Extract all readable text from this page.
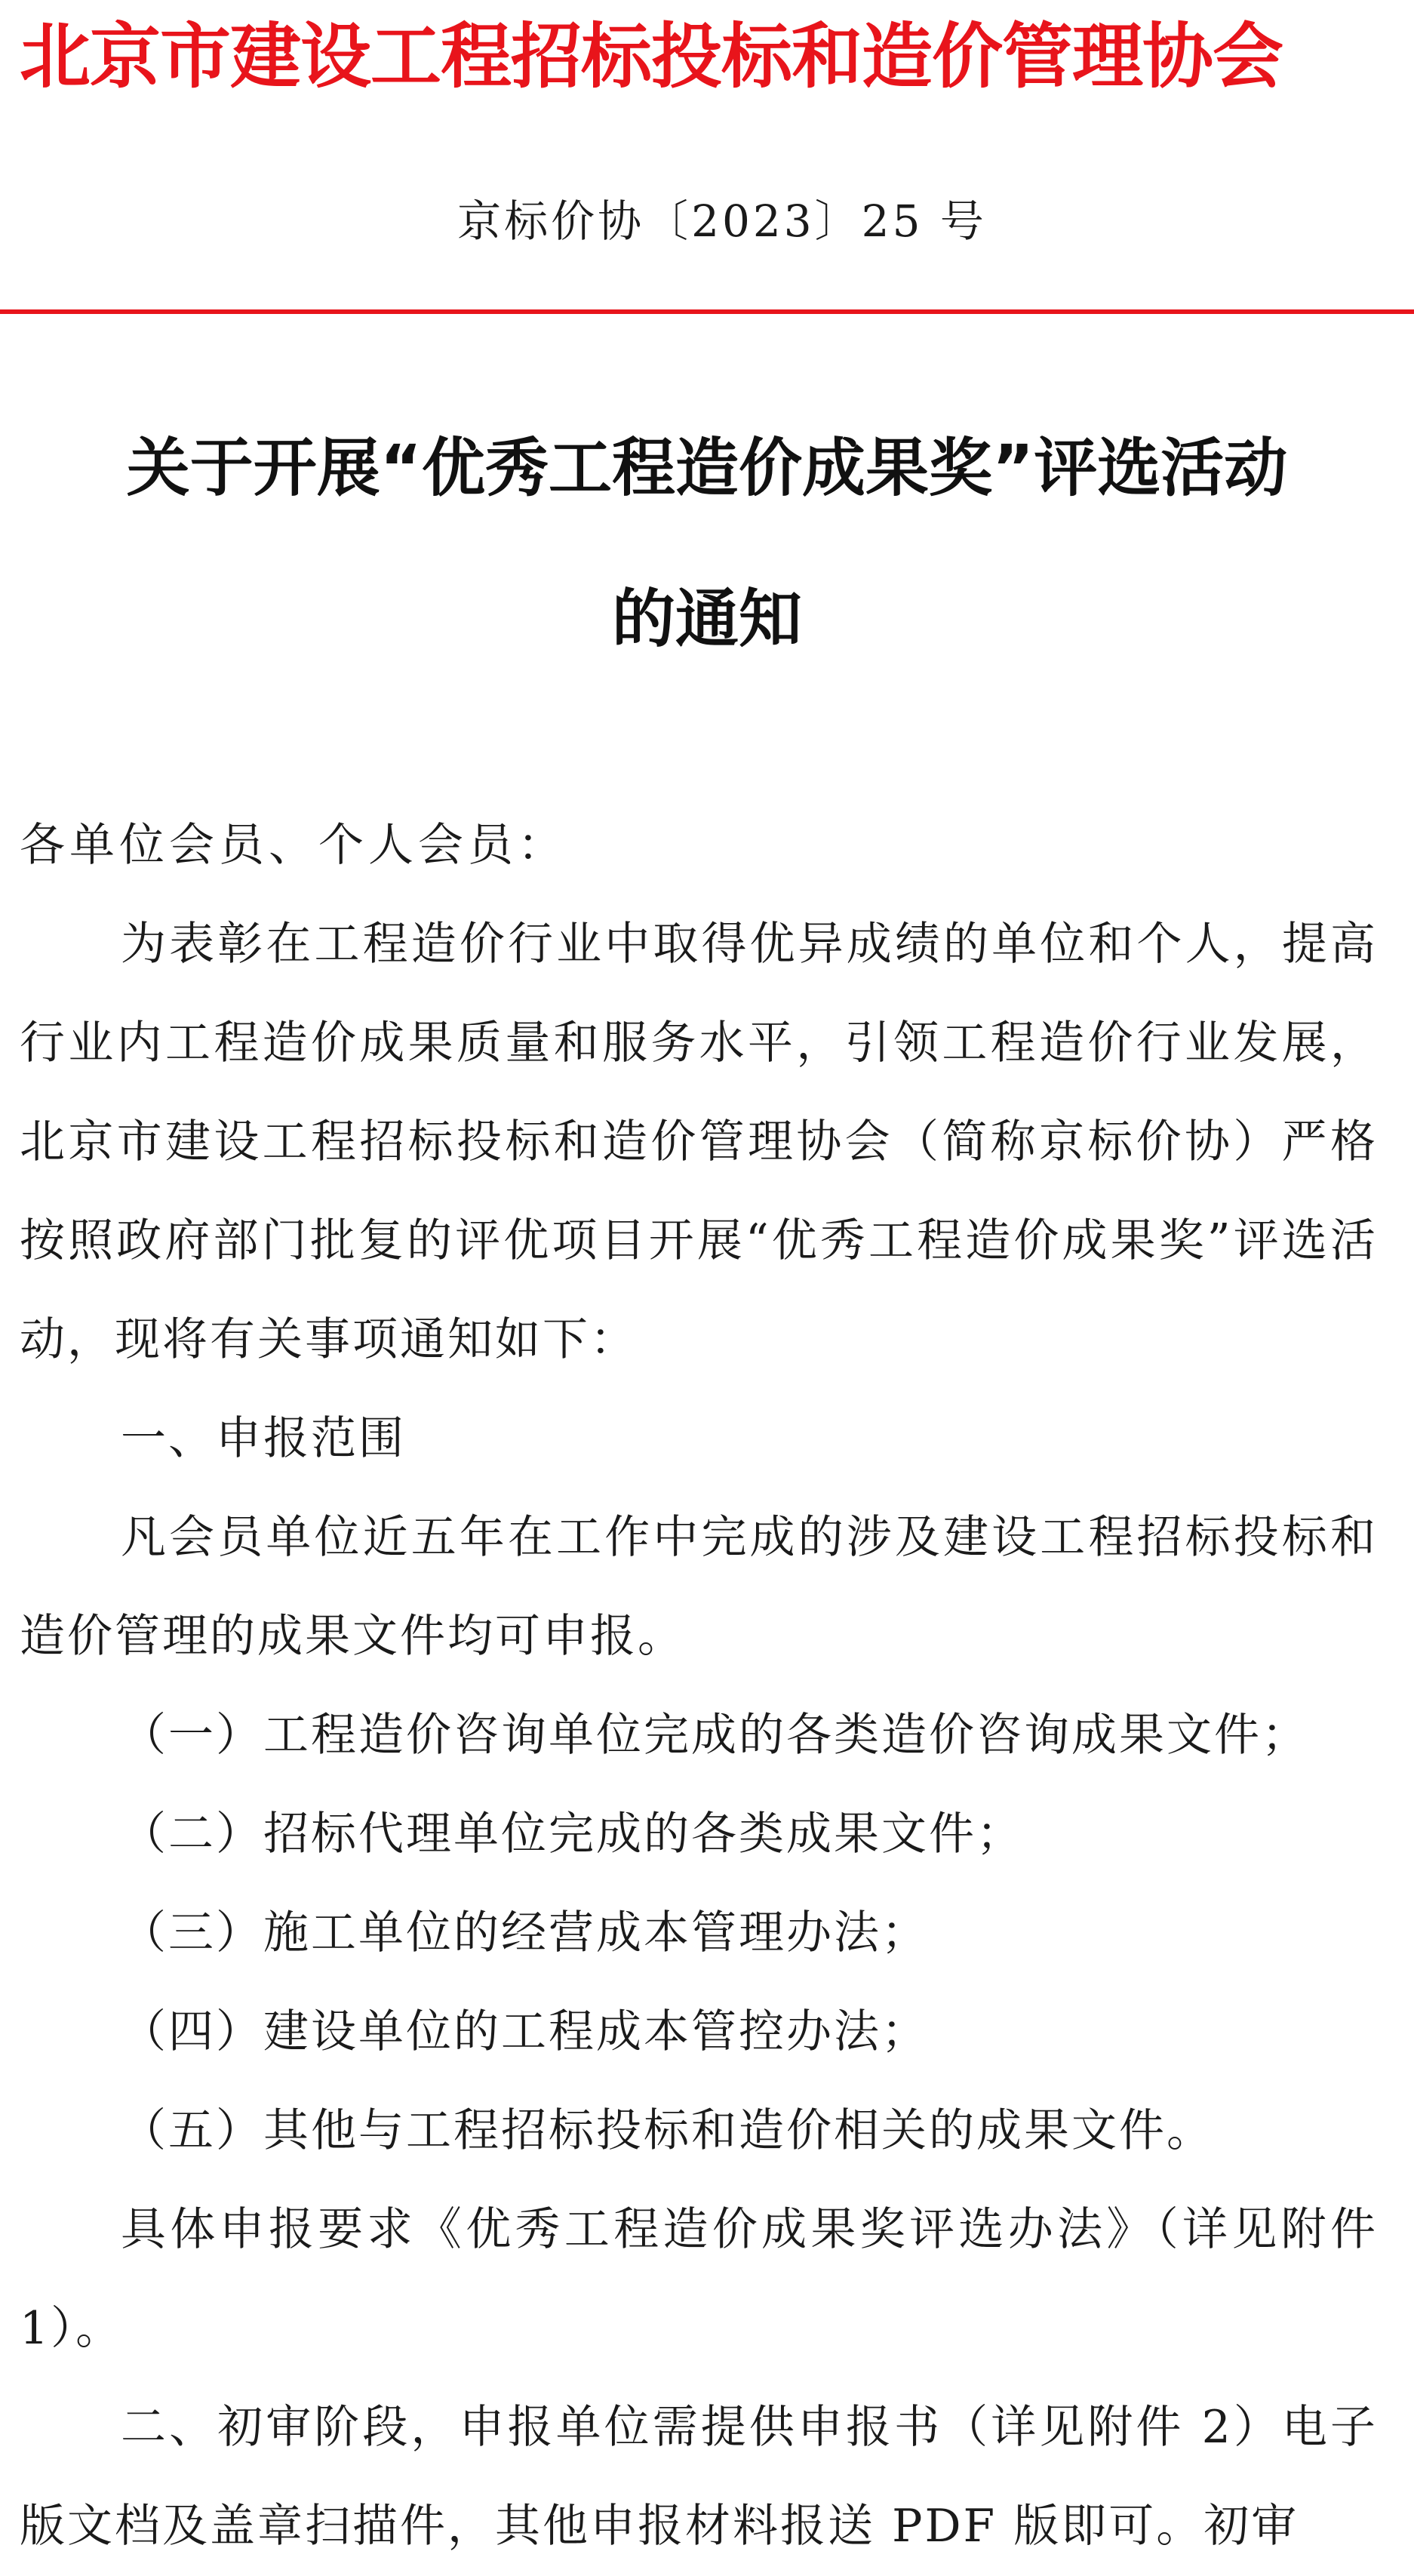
北京市建设工程招标投标和造价管理协会
京标价协〔2023〕25 号
关于开展“优秀工程造价成果奖”评选活动
的通知

各单位会员、个人会员：

为表彰在工程造价行业中取得优异成绩的单位和个人，提高行业内工程造价成果质量和服务水平，引领工程造价行业发展，北京市建设工程招标投标和造价管理协会（简称京标价协）严格按照政府部门批复的评优项目开展“优秀工程造价成果奖”评选活动，现将有关事项通知如下：

一、申报范围

凡会员单位近五年在工作中完成的涉及建设工程招标投标和造价管理的成果文件均可申报。

（一）工程造价咨询单位完成的各类造价咨询成果文件；

（二）招标代理单位完成的各类成果文件；

（三）施工单位的经营成本管理办法；

（四）建设单位的工程成本管控办法；

（五）其他与工程招标投标和造价相关的成果文件。

具体申报要求《优秀工程造价成果奖评选办法》（详见附件 1）。

二、初审阶段，申报单位需提供申报书（详见附件 2）电子版文档及盖章扫描件，其他申报材料报送 PDF 版即可。初审
